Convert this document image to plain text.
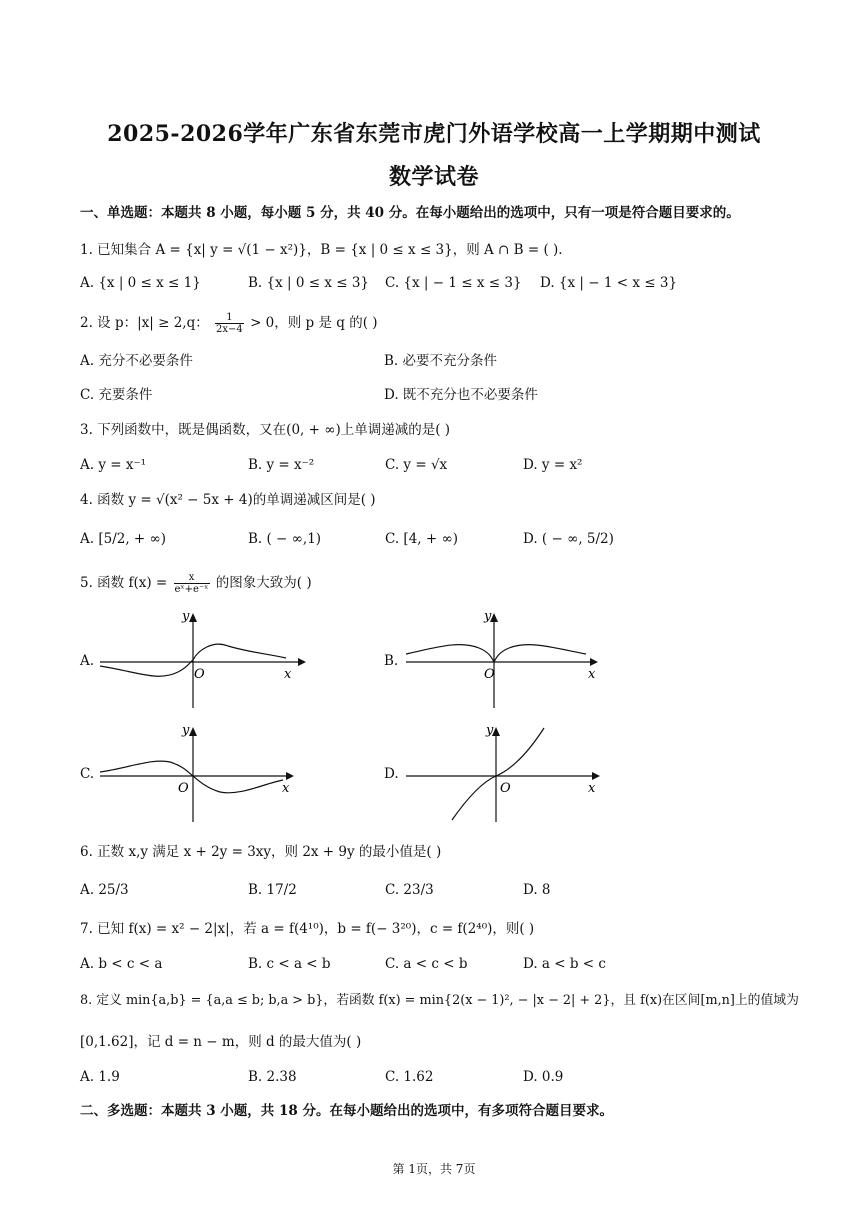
2025-2026学年广东省东莞市虎门外语学校高一上学期期中测试
数学试卷
一、单选题：本题共 8 小题，每小题 5 分，共 40 分。在每小题给出的选项中，只有一项是符合题目要求的。
1. 已知集合 A = {x| y = √(1 − x²)}，B = {x | 0 ≤ x ≤ 3}，则 A ∩ B = ( ).
A. {x | 0 ≤ x ≤ 1}	B. {x | 0 ≤ x ≤ 3} C. {x | − 1 ≤ x ≤ 3} D. {x | − 1 < x ≤ 3}
2. 设 p：|x| ≥ 2,q： $\frac{1}{2x-4} > 0$，则 p 是 q 的( )
A. 充分不必要条件	B. 必要不充分条件
C. 充要条件	D. 既不充分也不必要条件
3. 下列函数中，既是偶函数，又在(0, + ∞)上单调递减的是( )
A. y = x⁻¹	B. y = x⁻²	C. y = √x	D. y = x²
4. 函数 y = √(x² − 5x + 4)的单调递减区间是( )
A. [5/2, + ∞)	B. ( − ∞,1)	C. [4, + ∞)	D. ( − ∞, 5/2)
5. 函数 $f(x) = \frac{x}{\text{eˣ+e⁻ˣ}}$ 的图象大致为( )
A.
y
x
O
B.
y
x
O
C.
y
x
O
D.
y
x
O
6. 正数 x,y 满足 x + 2y = 3xy，则 2x + 9y 的最小值是( )
A. 25/3	B. 17/2	C. 23/3	D. 8
7. 已知 f(x) = x² − 2|x|，若 a = f(4¹⁰)，b = f(− 3²⁰)，c = f(2⁴⁰)，则( )
A. b < c < a	B. c < a < b	C. a < c < b	D. a < b < c
8. 定义 min{a,b} = {a,a ≤ b; b,a > b}，若函数 f(x) = min{2(x − 1)², − |x − 2| + 2}，且 f(x)在区间[m,n]上的值域为
[0,1.62]，记 d = n − m，则 d 的最大值为( )
A. 1.9	B. 2.38	C. 1.62	D. 0.9
二、多选题：本题共 3 小题，共 18 分。在每小题给出的选项中，有多项符合题目要求。
第 1页，共 7页
